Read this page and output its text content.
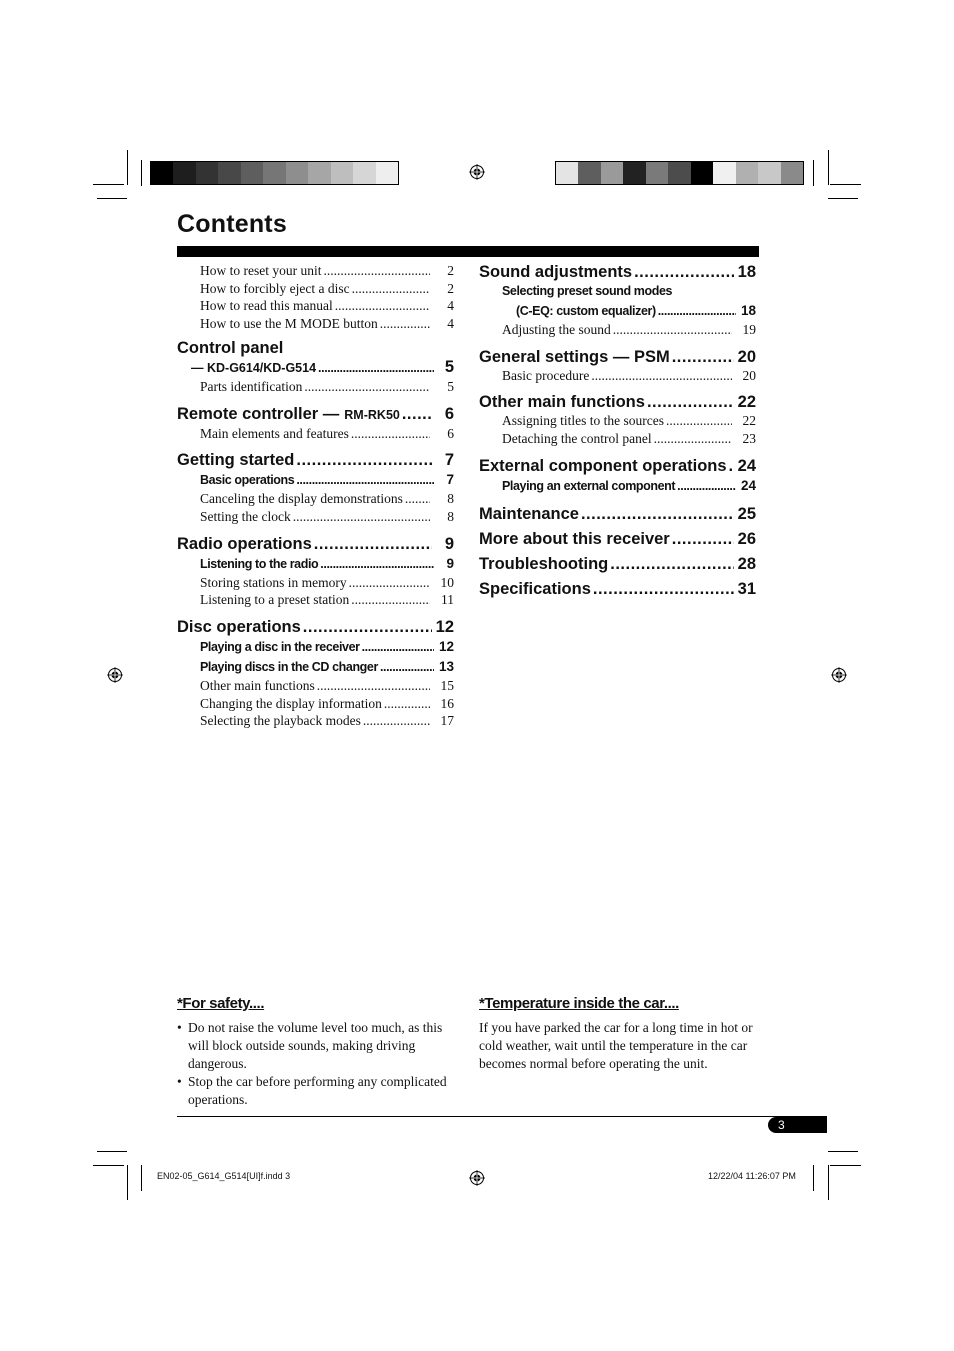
Contents
How to reset your unit .....	2
How to forcibly eject a disc .....	2
How to read this manual .....	4
How to use the M MODE button .....	4
Control panel
— KD-G614/KD-G514 .....	5
Parts identification .....	5
Remote controller — RM-RK50 .....	6
Main elements and features .....	6
Getting started .....	7
Basic operations .....	7
Canceling the display demonstrations .....	8
Setting the clock .....	8
Radio operations .....	9
Listening to the radio .....	9
Storing stations in memory .....	10
Listening to a preset station .....	11
Disc operations .....	12
Playing a disc in the receiver .....	12
Playing discs in the CD changer .....	13
Other main functions .....	15
Changing the display information .....	16
Selecting the playback modes .....	17
Sound adjustments .....	18
Selecting preset sound modes
(C-EQ: custom equalizer) .....	18
Adjusting the sound .....	19
General settings — PSM .....	20
Basic procedure .....	20
Other main functions .....	22
Assigning titles to the sources .....	22
Detaching the control panel .....	23
External component operations ..... 24
Playing an external component .....	24
Maintenance .....	25
More about this receiver .....	26
Troubleshooting .....	28
Specifications .....	31
*For safety....
• Do not raise the volume level too much, as this will block outside sounds, making driving dangerous.
• Stop the car before performing any complicated operations.
*Temperature inside the car....
If you have parked the car for a long time in hot or cold weather, wait until the temperature in the car becomes normal before operating the unit.
3
EN02-05_G614_G514[UI]f.indd 3	12/22/04 11:26:07 PM
